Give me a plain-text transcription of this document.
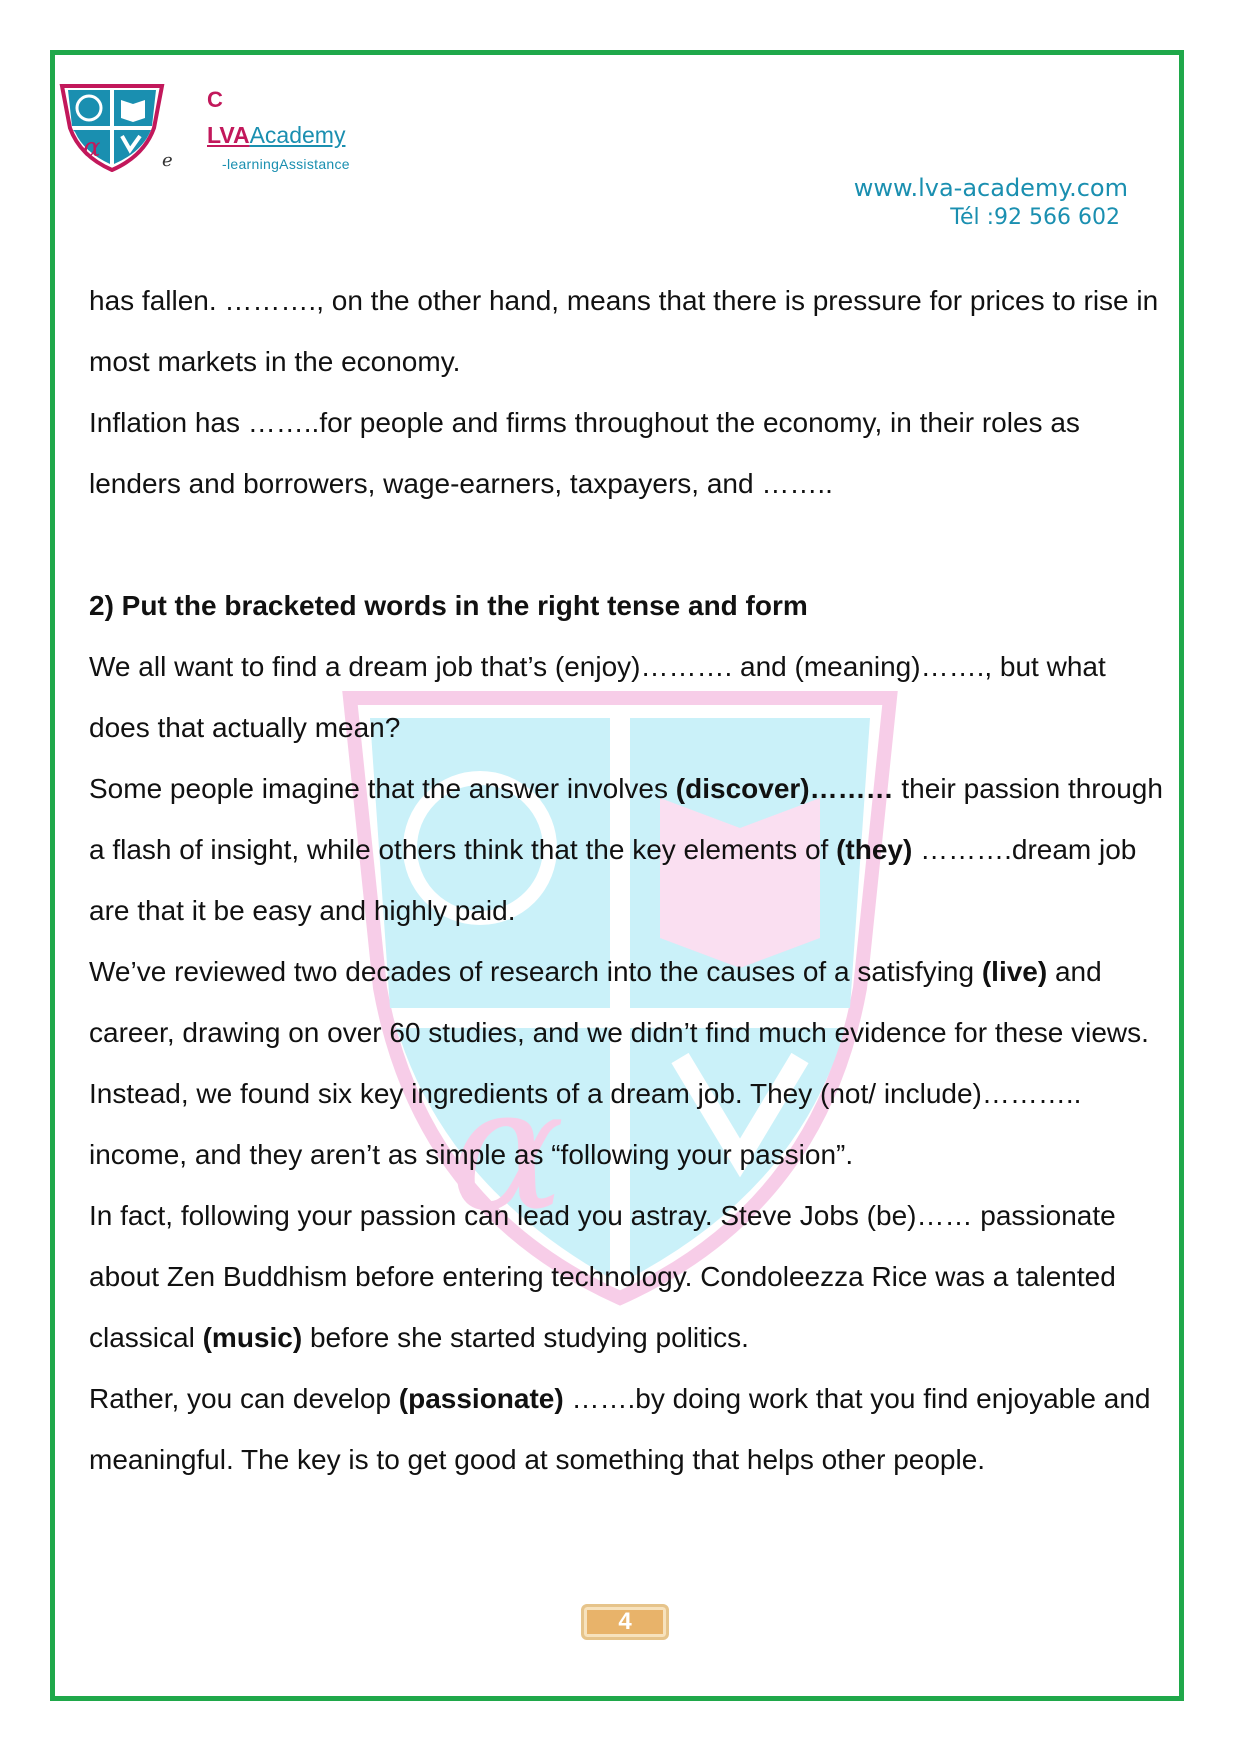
α	e
C
LVAAcademy
-learningAssistance
www.lva-academy.com
Tél :92 566 602
α

has fallen. ………., on the other hand, means that there is pressure for prices to rise in most markets in the economy.

Inflation has ……..for people and firms throughout the economy, in their roles as lenders and borrowers, wage-earners, taxpayers, and ……..

2) Put the bracketed words in the right tense and form

We all want to find a dream job that’s (enjoy)………. and (meaning)……., but what does that actually mean?

Some people imagine that the answer involves (discover)……… their passion through a flash of insight, while others think that the key elements of (they) ……….dream job are that it be easy and highly paid.

We’ve reviewed two decades of research into the causes of a satisfying (live) and career, drawing on over 60 studies, and we didn’t find much evidence for these views.

Instead, we found six key ingredients of a dream job. They (not/ include)……….. income, and they aren’t as simple as “following your passion”.

In fact, following your passion can lead you astray. Steve Jobs (be)…… passionate about Zen Buddhism before entering technology. Condoleezza Rice was a talented classical (music) before she started studying politics.

Rather, you can develop (passionate) …….by doing work that you find enjoyable and meaningful. The key is to get good at something that helps other people.

4
